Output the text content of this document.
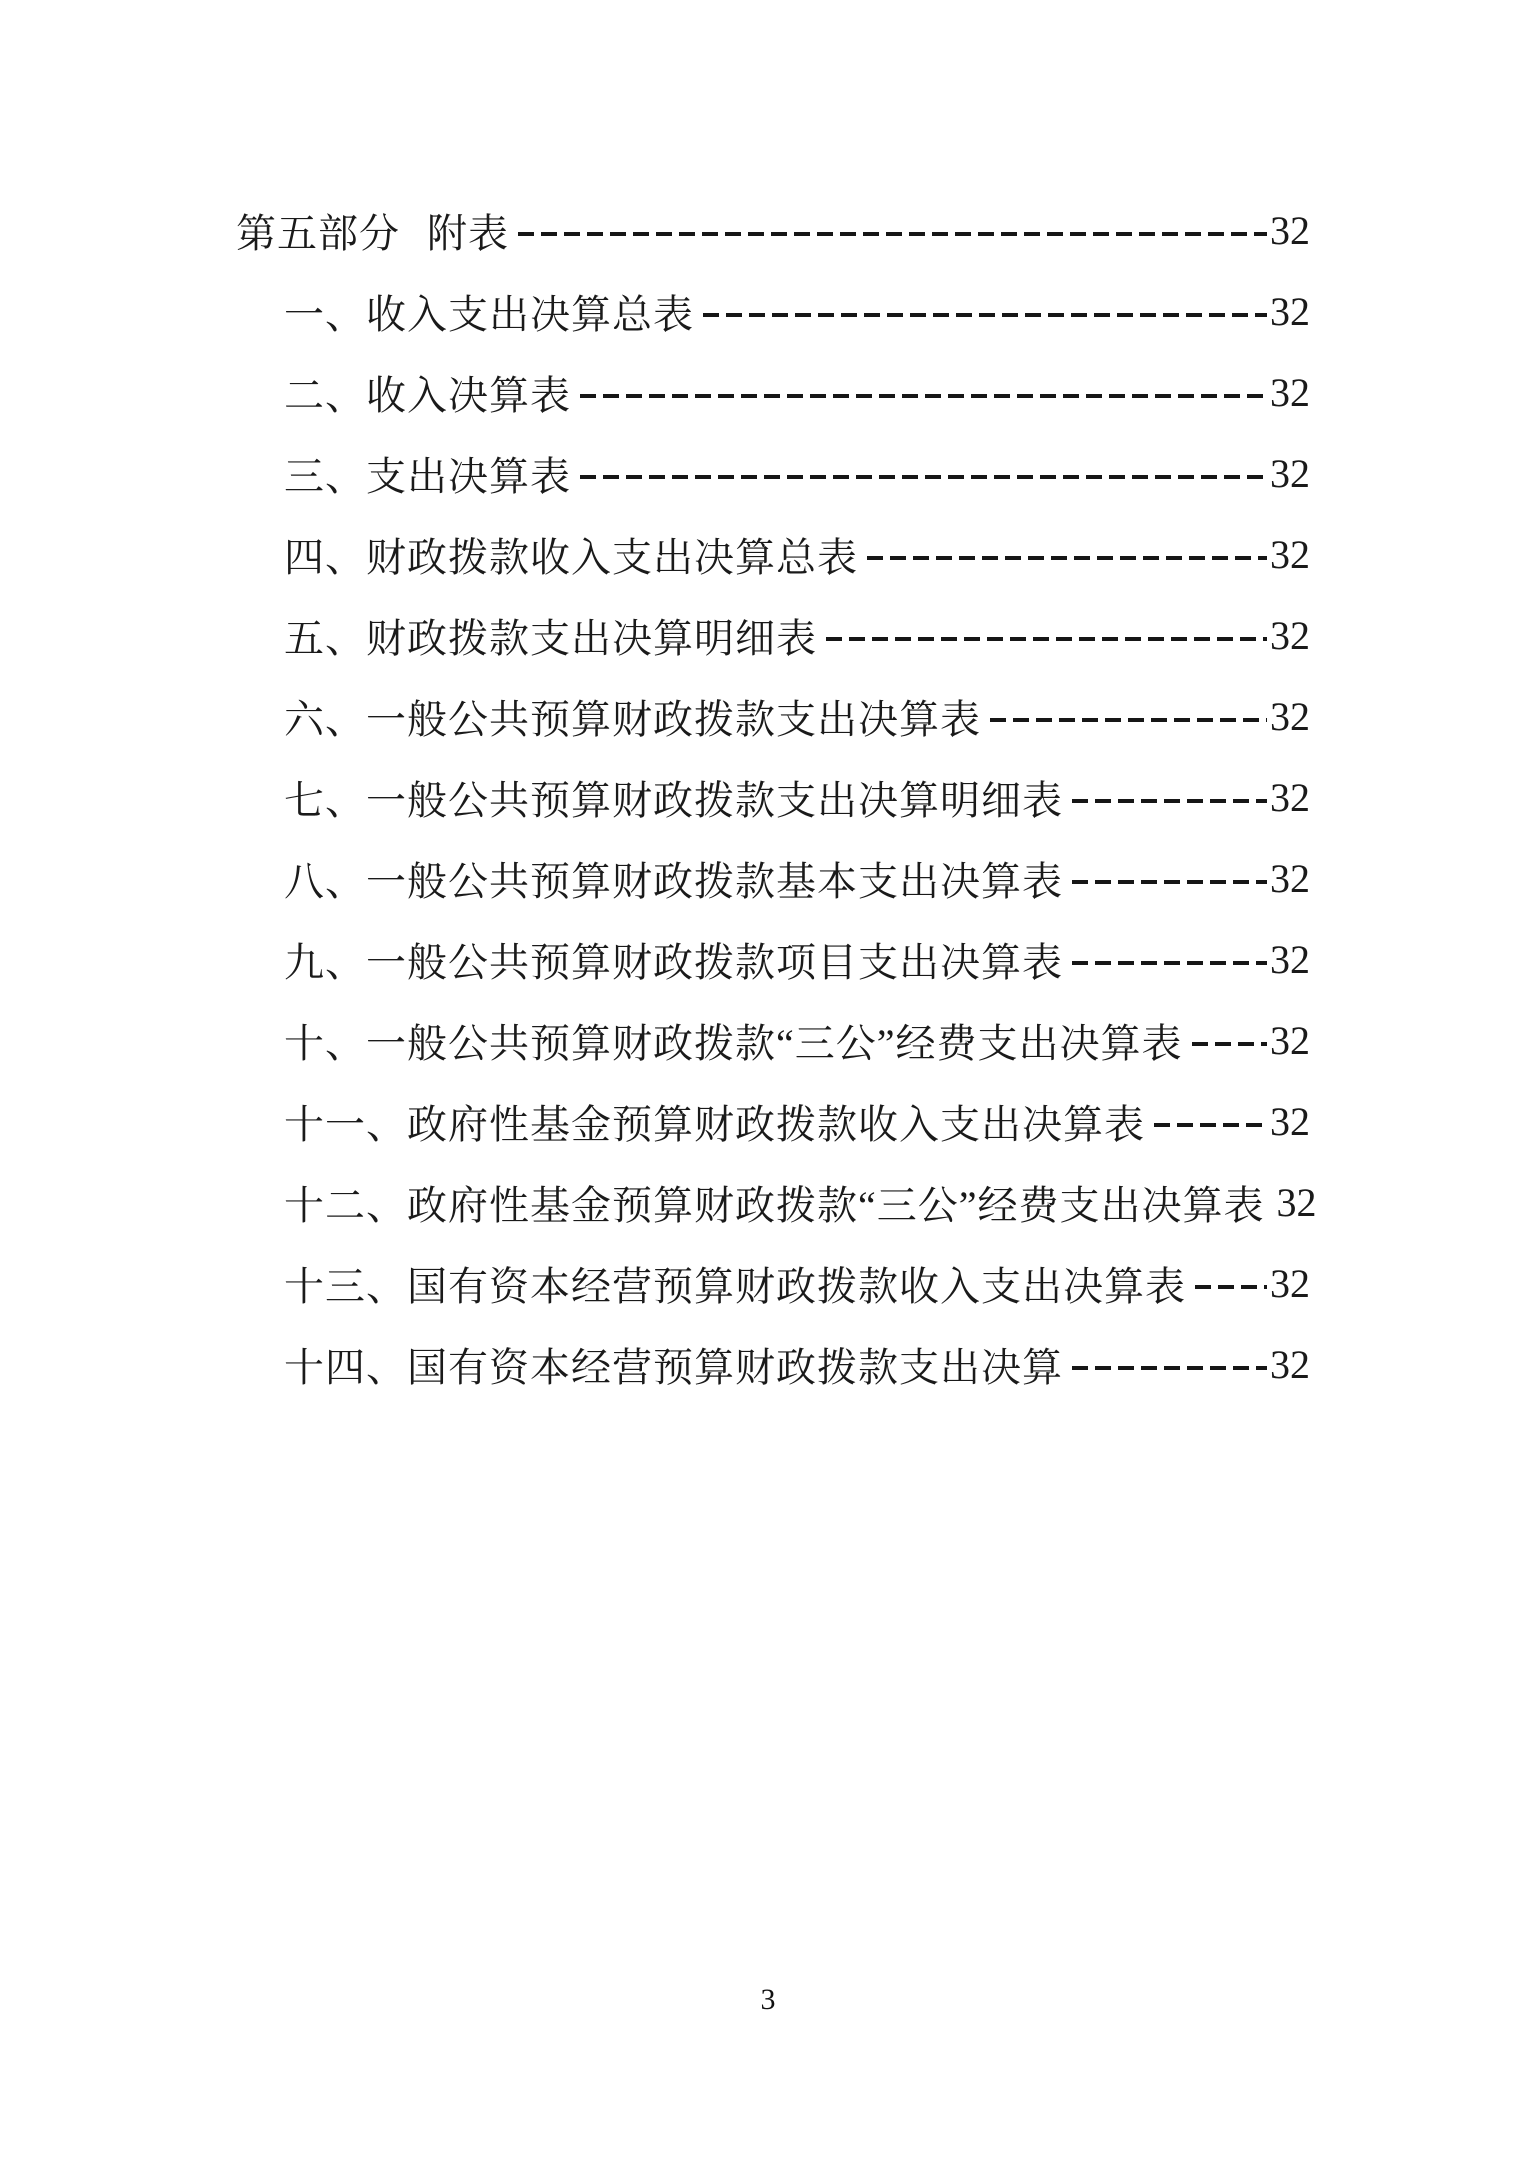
第五部分 附表	32
一、收入支出决算总表	32
二、收入决算表	32
三、支出决算表	32
四、财政拨款收入支出决算总表	32
五、财政拨款支出决算明细表	32
六、一般公共预算财政拨款支出决算表	32
七、一般公共预算财政拨款支出决算明细表	32
八、一般公共预算财政拨款基本支出决算表	32
九、一般公共预算财政拨款项目支出决算表	32
十、一般公共预算财政拨款“三公”经费支出决算表 32
十一、政府性基金预算财政拨款收入支出决算表	32
十二、政府性基金预算财政拨款“三公”经费支出决算表 32
十三、国有资本经营预算财政拨款收入支出决算表 32
十四、国有资本经营预算财政拨款支出决算	32
3
